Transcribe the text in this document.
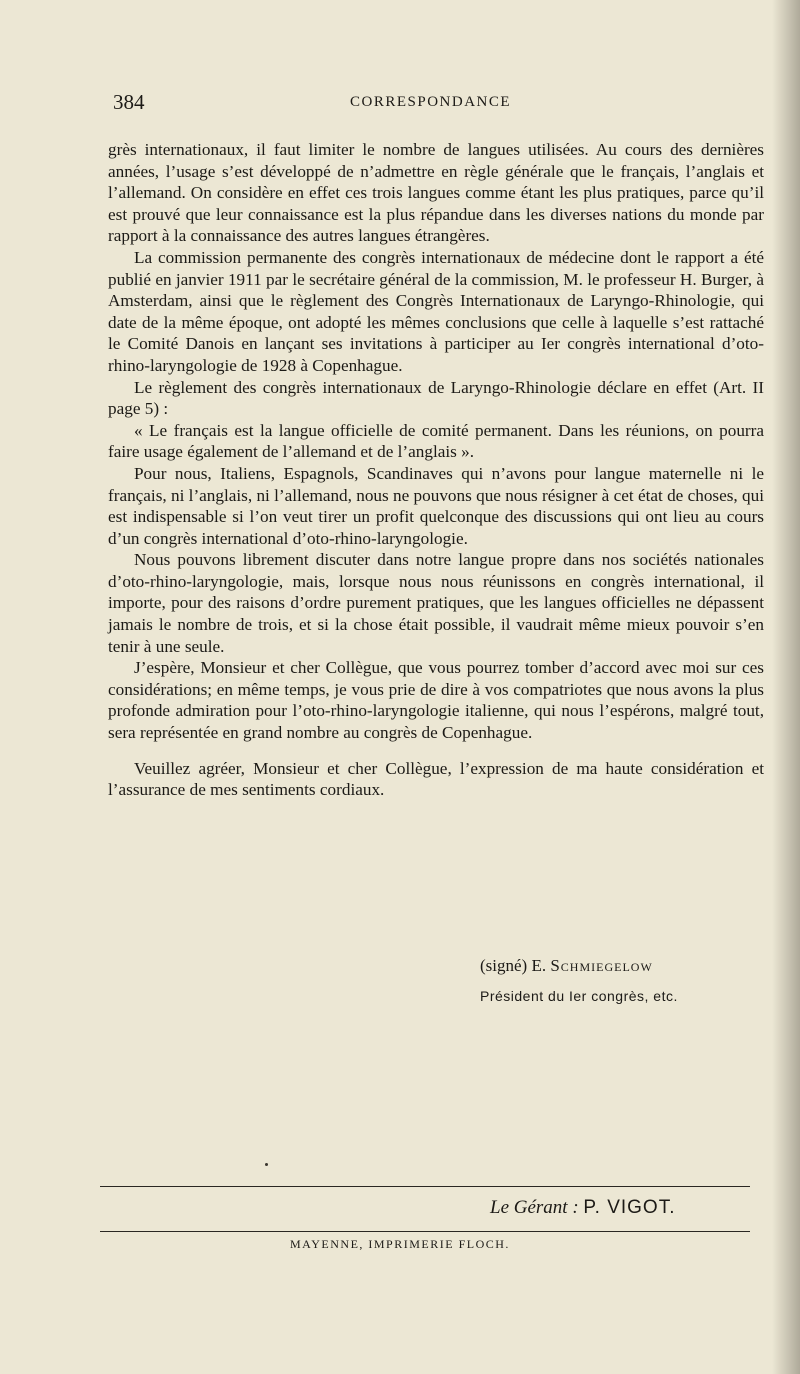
384	CORRESPONDANCE

grès internationaux, il faut limiter le nombre de langues utilisées. Au cours des dernières années, l’usage s’est développé de n’admettre en règle générale que le français, l’anglais et l’allemand. On considère en effet ces trois langues comme étant les plus pratiques, parce qu’il est prouvé que leur connaissance est la plus répandue dans les diverses nations du monde par rapport à la connaissance des autres langues étrangères.

La commission permanente des congrès internationaux de médecine dont le rapport a été publié en janvier 1911 par le secrétaire général de la commission, M. le professeur H. Burger, à Amsterdam, ainsi que le règlement des Congrès Internationaux de Laryngo-Rhinologie, qui date de la même époque, ont adopté les mêmes conclusions que celle à laquelle s’est rattaché le Comité Danois en lançant ses invitations à participer au Ier congrès international d’oto-rhino-laryngologie de 1928 à Copenhague.

Le règlement des congrès internationaux de Laryngo-Rhinologie déclare en effet (Art. II page 5) :

« Le français est la langue officielle de comité permanent. Dans les réunions, on pourra faire usage également de l’allemand et de l’anglais ».

Pour nous, Italiens, Espagnols, Scandinaves qui n’avons pour langue maternelle ni le français, ni l’anglais, ni l’allemand, nous ne pouvons que nous résigner à cet état de choses, qui est indispensable si l’on veut tirer un profit quelconque des discussions qui ont lieu au cours d’un congrès international d’oto-rhino-laryngologie.

Nous pouvons librement discuter dans notre langue propre dans nos sociétés nationales d’oto-rhino-laryngologie, mais, lorsque nous nous réunissons en congrès international, il importe, pour des raisons d’ordre purement pratiques, que les langues officielles ne dépassent jamais le nombre de trois, et si la chose était possible, il vaudrait même mieux pouvoir s’en tenir à une seule.

J’espère, Monsieur et cher Collègue, que vous pourrez tomber d’accord avec moi sur ces considérations; en même temps, je vous prie de dire à vos compatriotes que nous avons la plus profonde admiration pour l’oto-rhino-laryngologie italienne, qui nous l’espérons, malgré tout, sera représentée en grand nombre au congrès de Copenhague.

Veuillez agréer, Monsieur et cher Collègue, l’expression de ma haute considération et l’assurance de mes sentiments cordiaux.

(signé) E. Schmiegelow
Président du Ier congrès, etc.
Le Gérant : P. VIGOT.
MAYENNE, IMPRIMERIE FLOCH.
